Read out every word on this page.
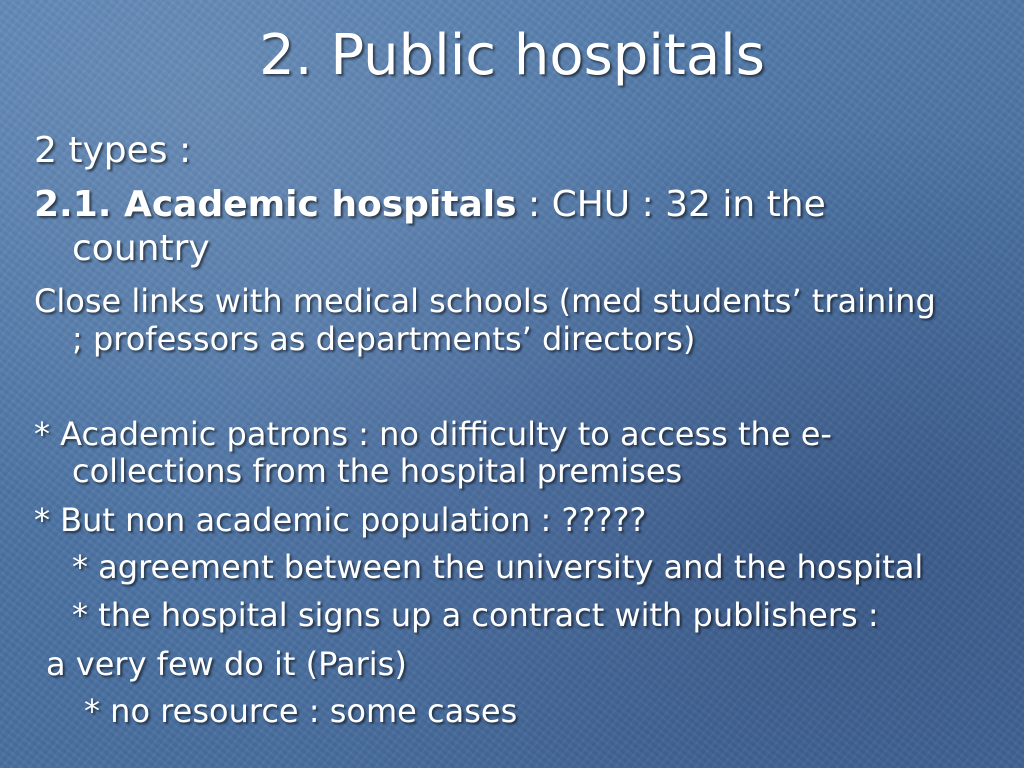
2. Public hospitals
2 types :
2.1. Academic hospitals : CHU : 32 in the
country
Close links with medical schools (med students’ training
; professors as departments’ directors)
* Academic patrons : no difficulty to access the e-
collections from the hospital premises
* But non academic population : ?????
* agreement between the university and the hospital
* the hospital signs up a contract with publishers :
a very few do it (Paris)
* no resource : some cases
